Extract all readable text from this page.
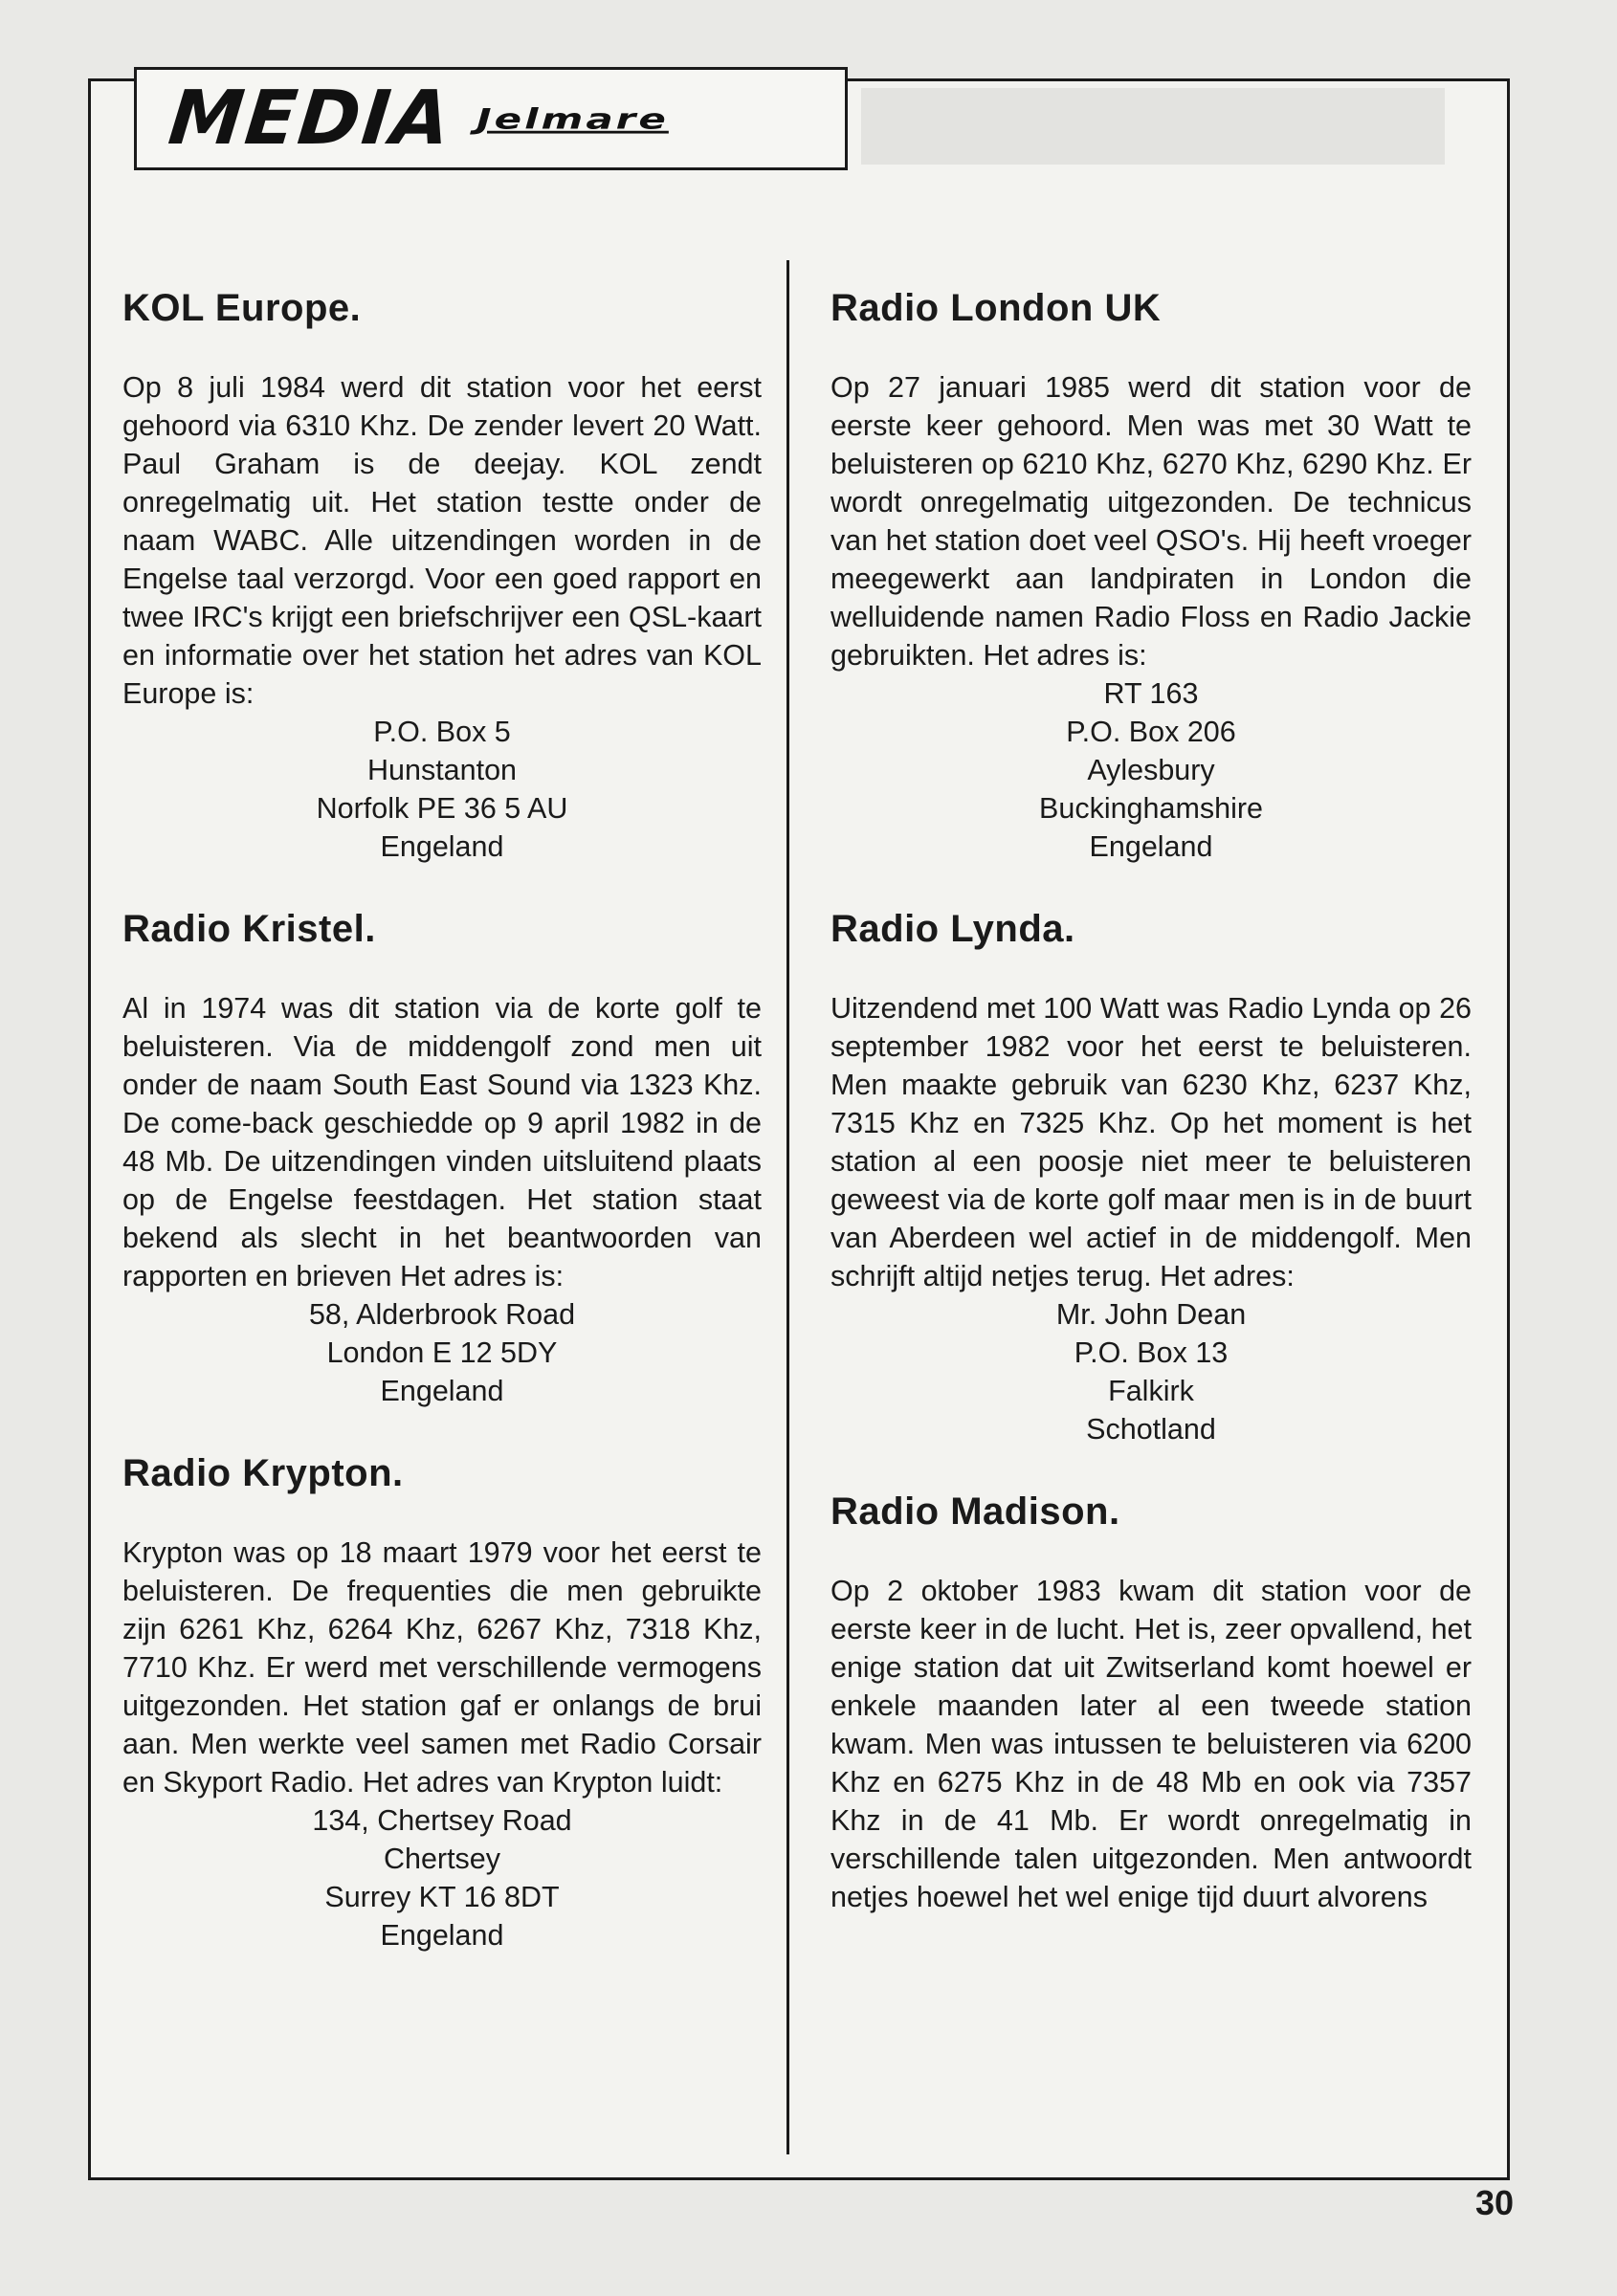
MEDIA Jelmare
KOL Europe.

Op 8 juli 1984 werd dit station voor het eerst gehoord via 6310 Khz. De zender levert 20 Watt. Paul Graham is de deejay. KOL zendt onregelmatig uit. Het station testte onder de naam WABC. Alle uitzendingen worden in de Engelse taal verzorgd. Voor een goed rapport en twee IRC's krijgt een briefschrijver een QSL-kaart en informatie over het station het adres van KOL Europe is:

P.O. Box 5
Hunstanton
Norfolk PE 36 5 AU
Engeland
Radio Kristel.

Al in 1974 was dit station via de korte golf te beluisteren. Via de middengolf zond men uit onder de naam South East Sound via 1323 Khz. De come-back geschiedde op 9 april 1982 in de 48 Mb. De uitzendingen vinden uitsluitend plaats op de Engelse feestdagen. Het station staat bekend als slecht in het beantwoorden van rapporten en brieven Het adres is:

58, Alderbrook Road
London E 12 5DY
Engeland
Radio Krypton.

Krypton was op 18 maart 1979 voor het eerst te beluisteren. De frequenties die men gebruikte zijn 6261 Khz, 6264 Khz, 6267 Khz, 7318 Khz, 7710 Khz. Er werd met verschillende vermogens uitgezonden. Het station gaf er onlangs de brui aan. Men werkte veel samen met Radio Corsair en Skyport Radio. Het adres van Krypton luidt:

134, Chertsey Road
Chertsey
Surrey KT 16 8DT
Engeland
Radio London UK

Op 27 januari 1985 werd dit station voor de eerste keer gehoord. Men was met 30 Watt te beluisteren op 6210 Khz, 6270 Khz, 6290 Khz. Er wordt onregelmatig uitgezonden. De technicus van het station doet veel QSO's. Hij heeft vroeger meegewerkt aan landpiraten in London die welluidende namen Radio Floss en Radio Jackie gebruikten. Het adres is:

RT 163
P.O. Box 206
Aylesbury
Buckinghamshire
Engeland
Radio Lynda.

Uitzendend met 100 Watt was Radio Lynda op 26 september 1982 voor het eerst te beluisteren. Men maakte gebruik van 6230 Khz, 6237 Khz, 7315 Khz en 7325 Khz. Op het moment is het station al een poosje niet meer te beluisteren geweest via de korte golf maar men is in de buurt van Aberdeen wel actief in de middengolf. Men schrijft altijd netjes terug. Het adres:

Mr. John Dean
P.O. Box 13
Falkirk
Schotland
Radio Madison.

Op 2 oktober 1983 kwam dit station voor de eerste keer in de lucht. Het is, zeer opvallend, het enige station dat uit Zwitserland komt hoewel er enkele maanden later al een tweede station kwam. Men was intussen te beluisteren via 6200 Khz en 6275 Khz in de 48 Mb en ook via 7357 Khz in de 41 Mb. Er wordt onregelmatig in verschillende talen uitgezonden. Men antwoordt netjes hoewel het wel enige tijd duurt alvorens

30
